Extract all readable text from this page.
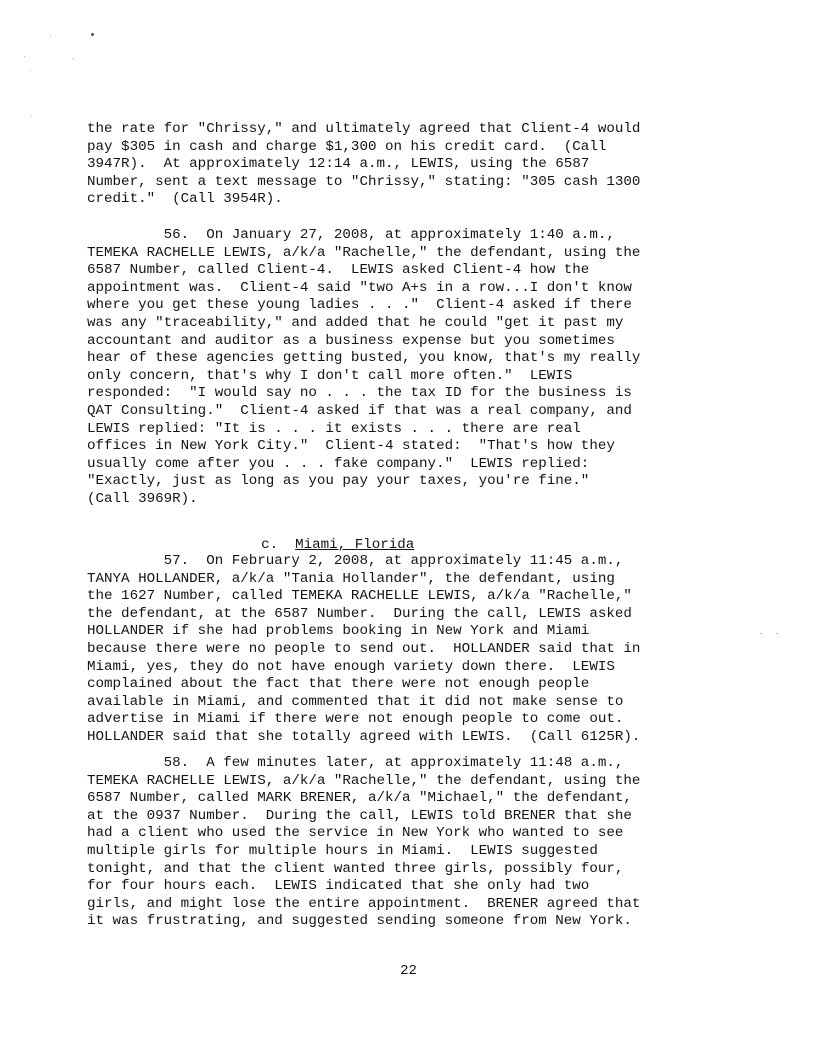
the rate for "Chrissy," and ultimately agreed that Client-4 would
pay $305 in cash and charge $1,300 on his credit card.  (Call
3947R).  At approximately 12:14 a.m., LEWIS, using the 6587
Number, sent a text message to "Chrissy," stating: "305 cash 1300
credit."  (Call 3954R).
56.  On January 27, 2008, at approximately 1:40 a.m.,
TEMEKA RACHELLE LEWIS, a/k/a "Rachelle," the defendant, using the
6587 Number, called Client-4.  LEWIS asked Client-4 how the
appointment was.  Client-4 said "two A+s in a row...I don't know
where you get these young ladies . . ."  Client-4 asked if there
was any "traceability," and added that he could "get it past my
accountant and auditor as a business expense but you sometimes
hear of these agencies getting busted, you know, that's my really
only concern, that's why I don't call more often."  LEWIS
responded:  "I would say no . . . the tax ID for the business is
QAT Consulting."  Client-4 asked if that was a real company, and
LEWIS replied: "It is . . . it exists . . . there are real
offices in New York City."  Client-4 stated:  "That's how they
usually come after you . . . fake company."  LEWIS replied:
"Exactly, just as long as you pay your taxes, you're fine."
(Call 3969R).

c. Miami, Florida

57.  On February 2, 2008, at approximately 11:45 a.m.,
TANYA HOLLANDER, a/k/a "Tania Hollander", the defendant, using
the 1627 Number, called TEMEKA RACHELLE LEWIS, a/k/a "Rachelle,"
the defendant, at the 6587 Number.  During the call, LEWIS asked
HOLLANDER if she had problems booking in New York and Miami
because there were no people to send out.  HOLLANDER said that in
Miami, yes, they do not have enough variety down there.  LEWIS
complained about the fact that there were not enough people
available in Miami, and commented that it did not make sense to
advertise in Miami if there were not enough people to come out.
HOLLANDER said that she totally agreed with LEWIS.  (Call 6125R).
58.  A few minutes later, at approximately 11:48 a.m.,
TEMEKA RACHELLE LEWIS, a/k/a "Rachelle," the defendant, using the
6587 Number, called MARK BRENER, a/k/a "Michael," the defendant,
at the 0937 Number.  During the call, LEWIS told BRENER that she
had a client who used the service in New York who wanted to see
multiple girls for multiple hours in Miami.  LEWIS suggested
tonight, and that the client wanted three girls, possibly four,
for four hours each.  LEWIS indicated that she only had two
girls, and might lose the entire appointment.  BRENER agreed that
it was frustrating, and suggested sending someone from New York.
22
